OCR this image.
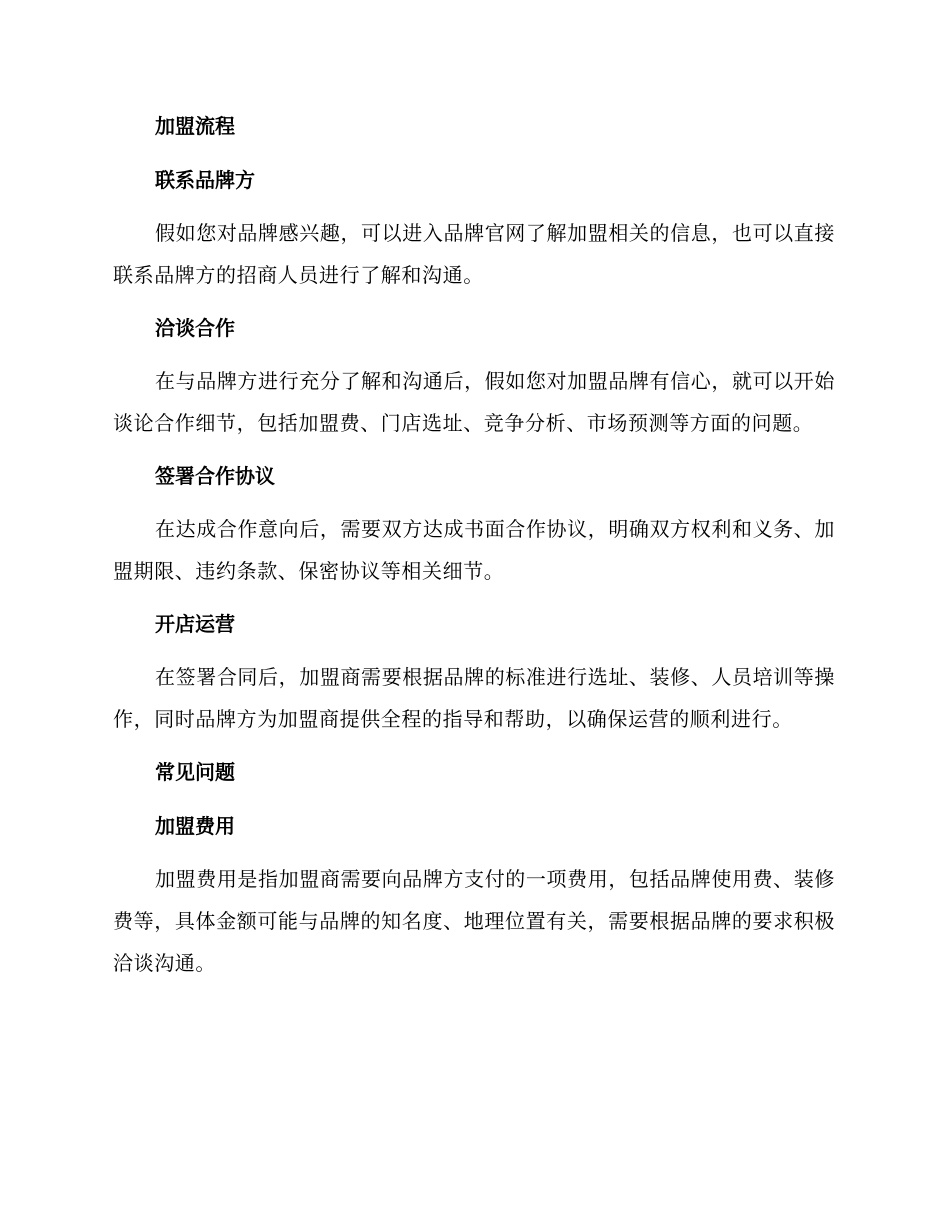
加盟流程
联系品牌方

假如您对品牌感兴趣，可以进入品牌官网了解加盟相关的信息，也可以直接联系品牌方的招商人员进行了解和沟通。

洽谈合作

在与品牌方进行充分了解和沟通后，假如您对加盟品牌有信心，就可以开始谈论合作细节，包括加盟费、门店选址、竞争分析、市场预测等方面的问题。

签署合作协议

在达成合作意向后，需要双方达成书面合作协议，明确双方权利和义务、加盟期限、违约条款、保密协议等相关细节。

开店运营

在签署合同后，加盟商需要根据品牌的标准进行选址、装修、人员培训等操作，同时品牌方为加盟商提供全程的指导和帮助，以确保运营的顺利进行。

常见问题
加盟费用

加盟费用是指加盟商需要向品牌方支付的一项费用，包括品牌使用费、装修费等，具体金额可能与品牌的知名度、地理位置有关，需要根据品牌的要求积极洽谈沟通。
